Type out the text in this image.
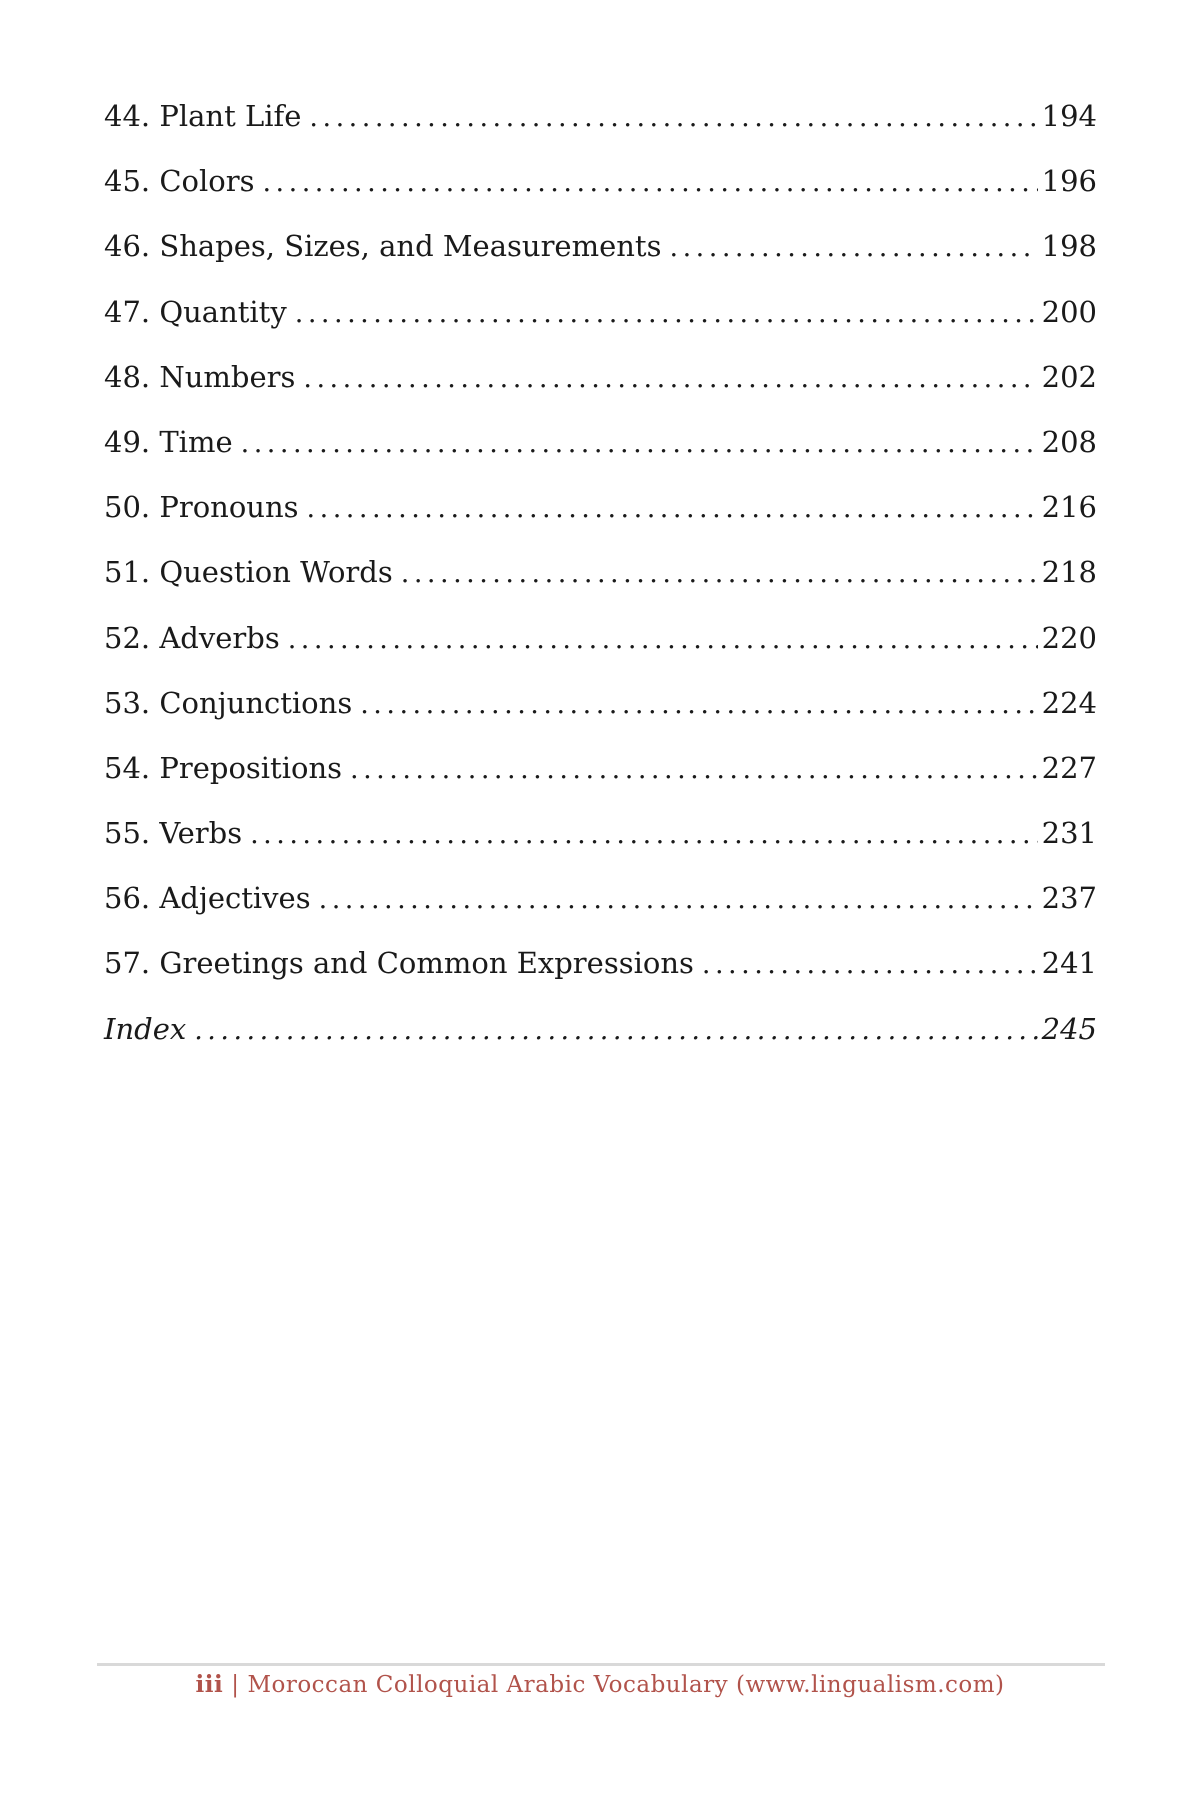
44. Plant Life .....	194
45. Colors .....	196
46. Shapes, Sizes, and Measurements .....	198
47. Quantity .....	200
48. Numbers .....	202
49. Time .....	208
50. Pronouns .....	216
51. Question Words .....	218
52. Adverbs .....	220
53. Conjunctions .....	224
54. Prepositions .....	227
55. Verbs .....	231
56. Adjectives .....	237
57. Greetings and Common Expressions .....	241
Index .....	245
iii | Moroccan Colloquial Arabic Vocabulary (www.lingualism.com)
